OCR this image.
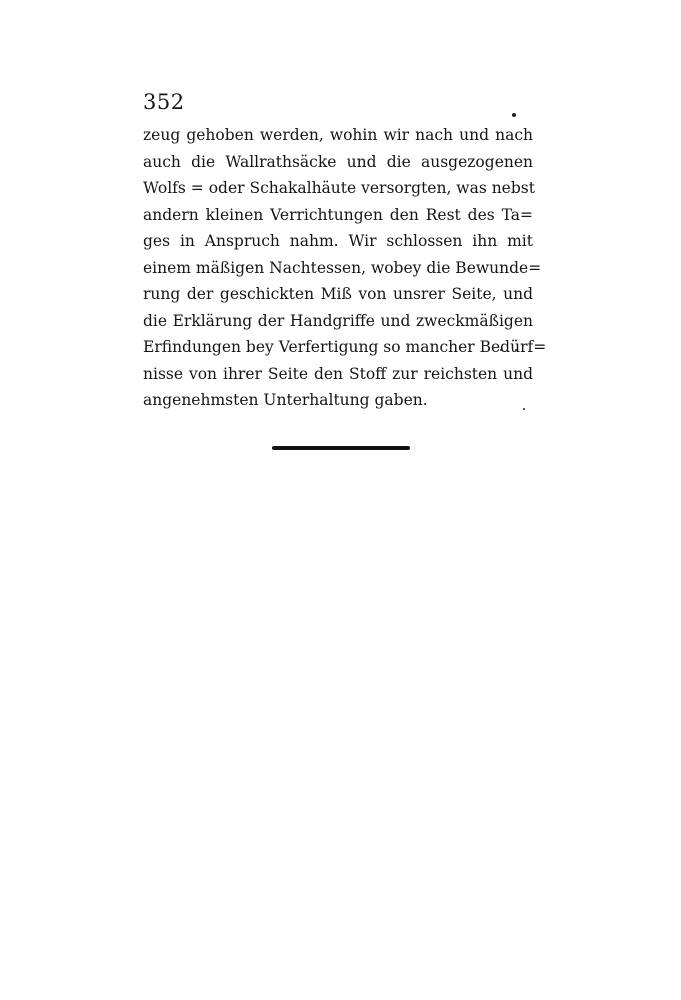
352
zeug gehoben werden, wohin wir nach und nach
auch die Wallrathsäcke und die ausgezogenen
Wolfs = oder Schakalhäute versorgten, was nebst
andern kleinen Verrichtungen den Rest des Ta=
ges in Anspruch nahm. Wir schlossen ihn mit
einem mäßigen Nachtessen, wobey die Bewunde=
rung der geschickten Miß von unsrer Seite, und
die Erklärung der Handgriffe und zweckmäßigen
Erfindungen bey Verfertigung so mancher Bedürf=
nisse von ihrer Seite den Stoff zur reichsten und
angenehmsten Unterhaltung gaben.
